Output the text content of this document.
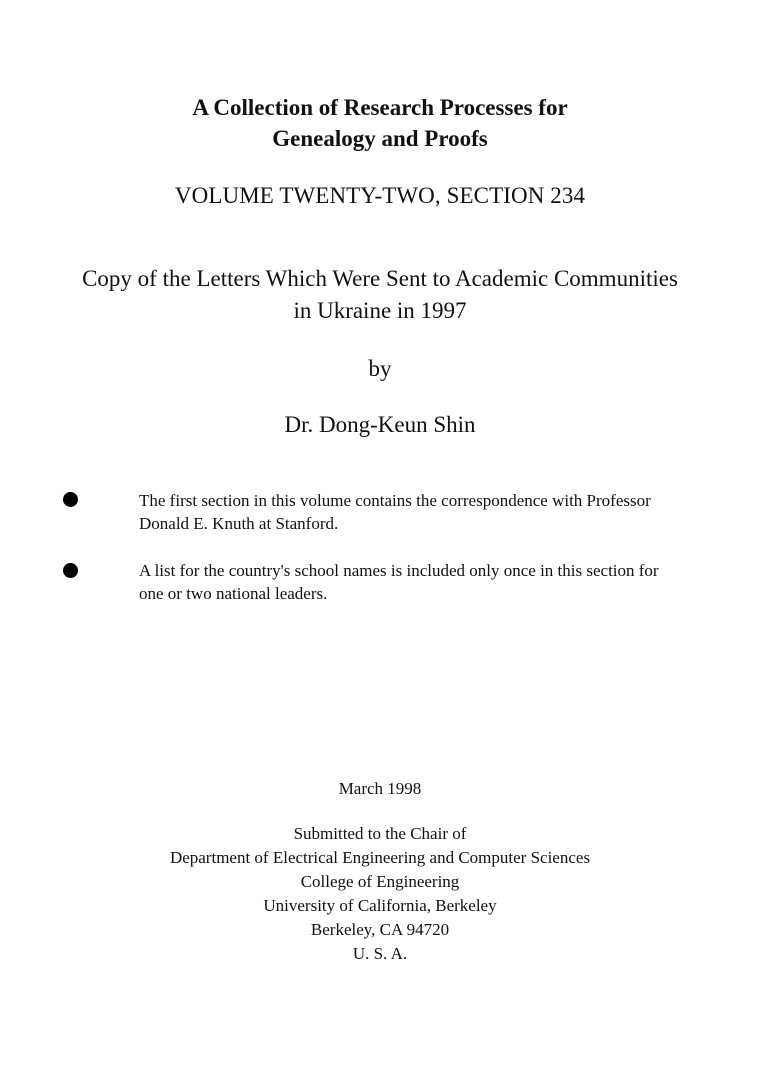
A Collection of Research Processes for
Genealogy and Proofs
VOLUME TWENTY-TWO, SECTION 234
Copy of the Letters Which Were Sent to Academic Communities
in Ukraine in 1997
by
Dr. Dong-Keun Shin
The first section in this volume contains the correspondence with Professor
Donald E. Knuth at Stanford.
A list for the country's school names is included only once in this section for
one or two national leaders.
March 1998
Submitted to the Chair of
Department of Electrical Engineering and Computer Sciences
College of Engineering
University of California, Berkeley
Berkeley, CA 94720
U. S. A.
